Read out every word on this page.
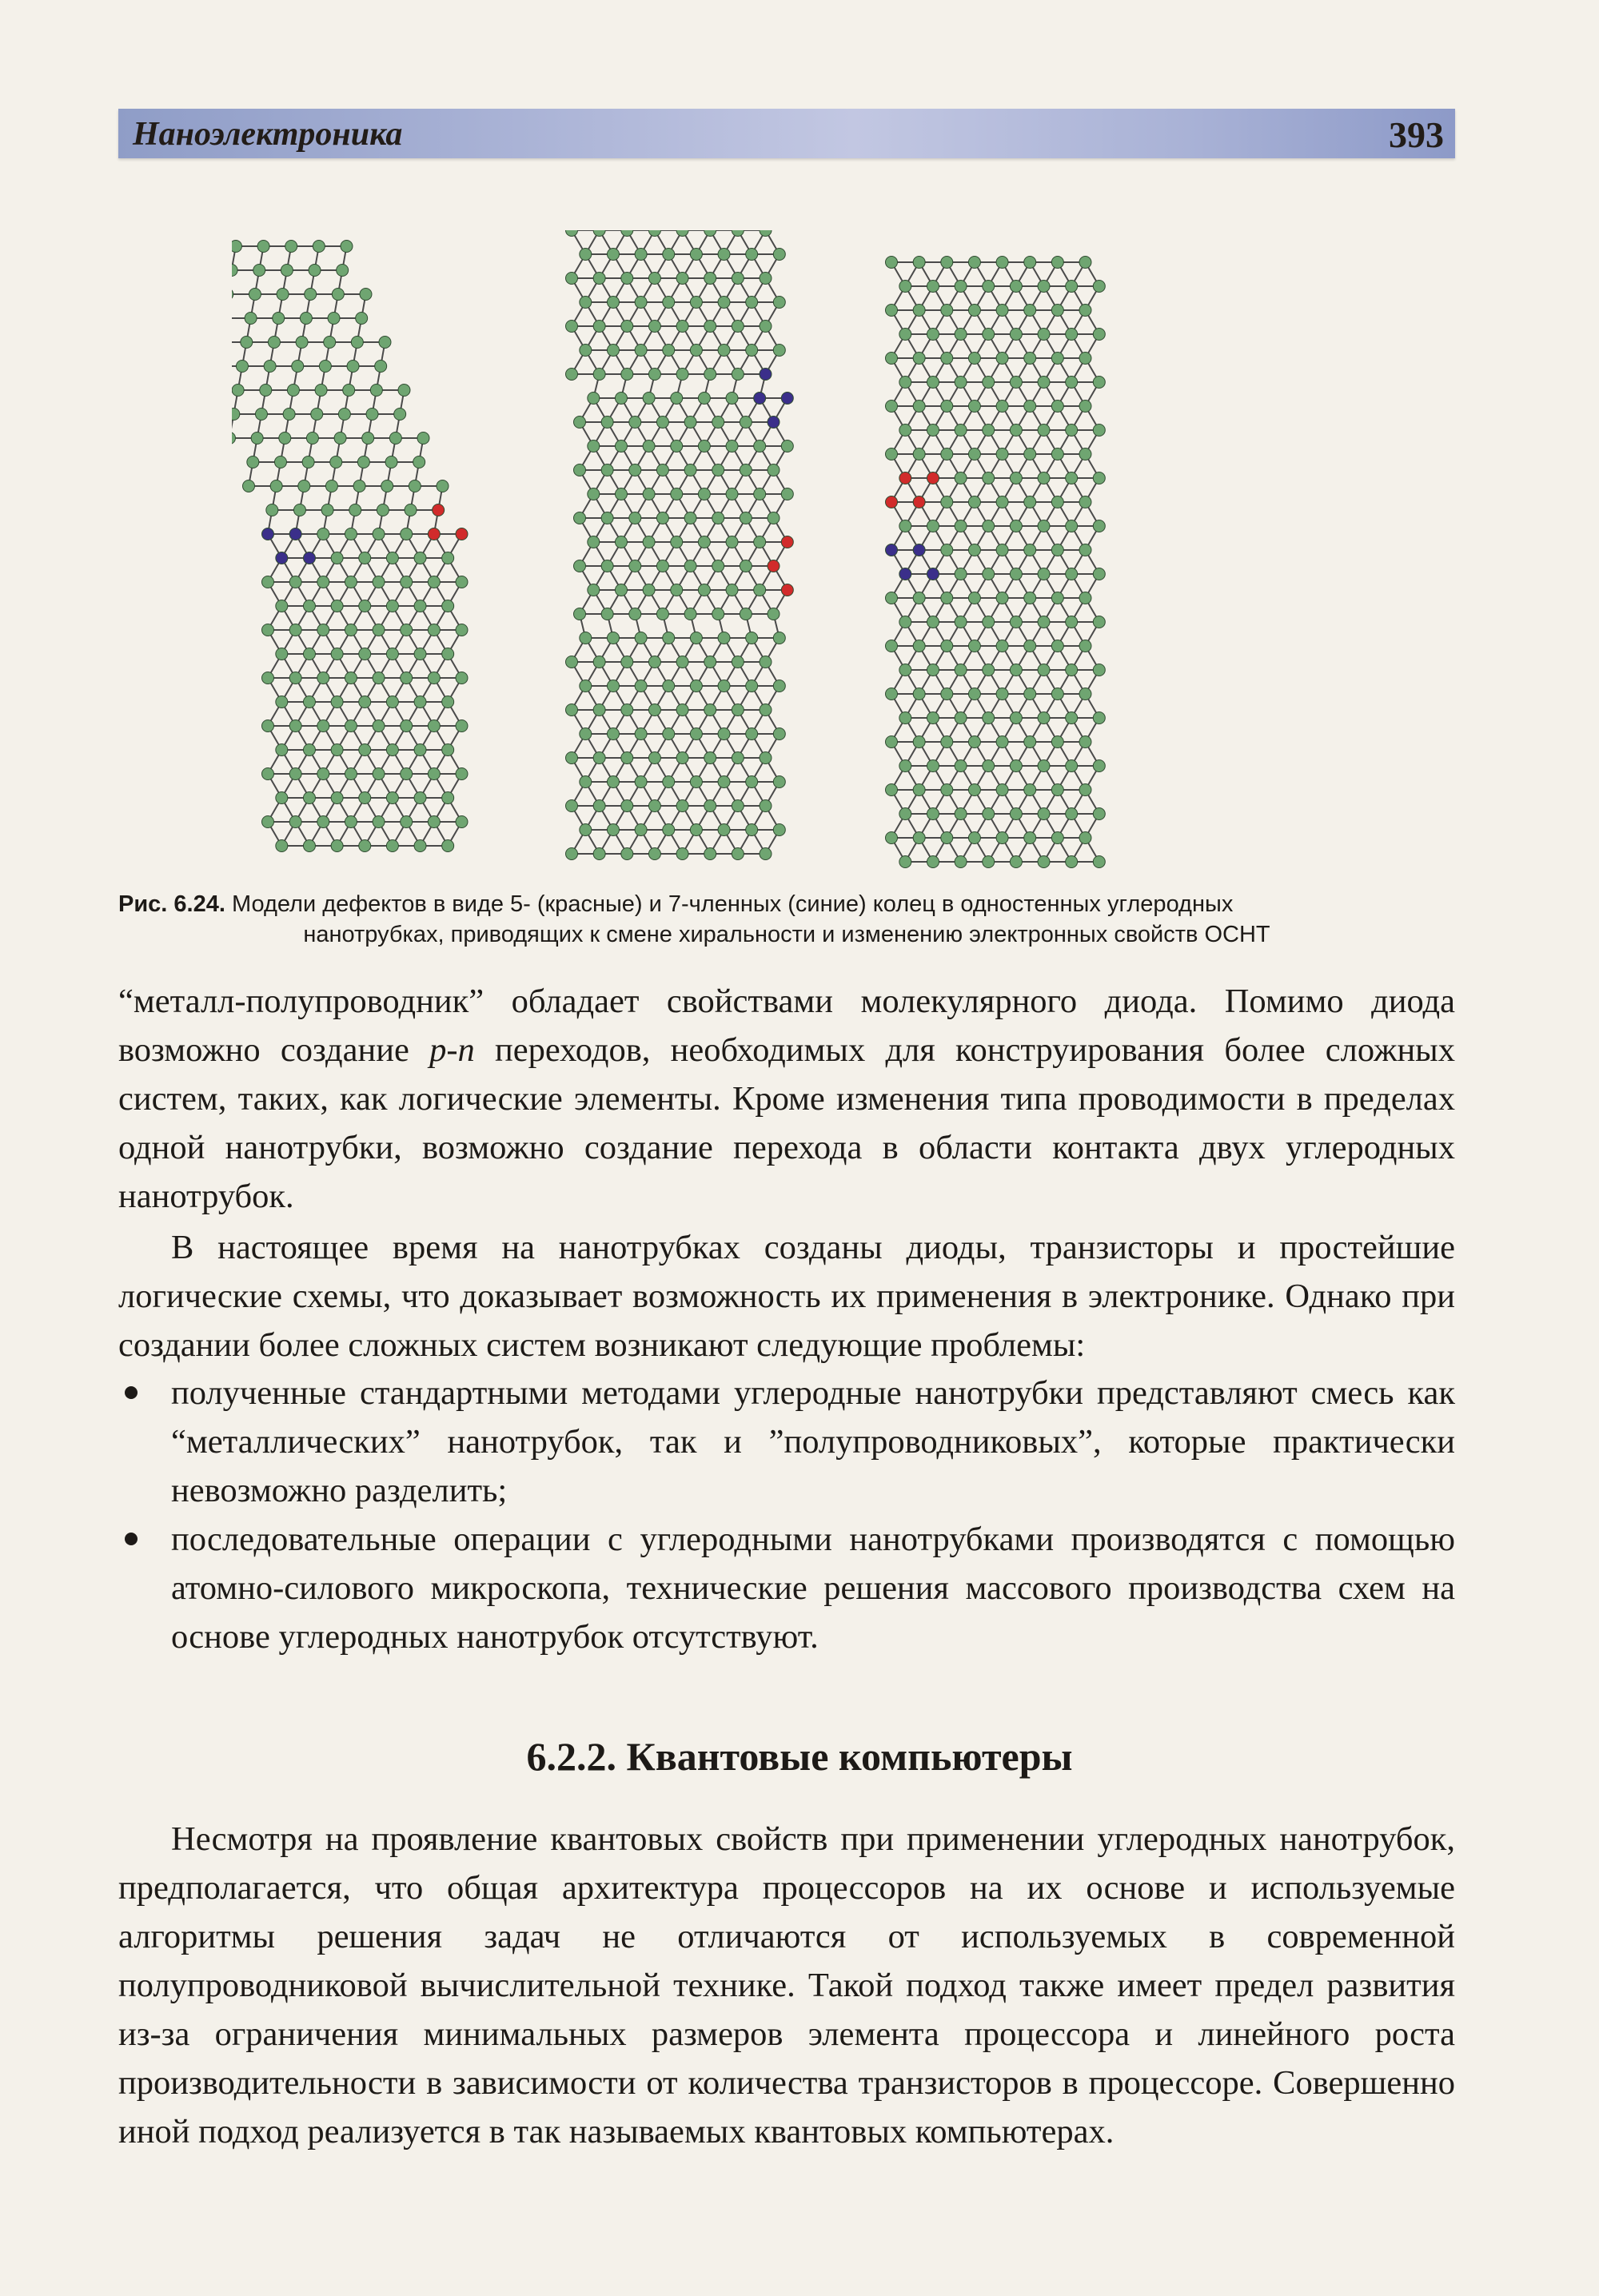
Наноэлектроника	393
Рис. 6.24. Модели дефектов в виде 5- (красные) и 7-членных (синие) колец в одностенных углеродных
нанотрубках, приводящих к смене хиральности и изменению электронных свойств ОСНТ

“металл-полупроводник” обладает свойствами молекулярного диода. Помимо диода возможно создание p-n переходов, необходимых для конструирования более сложных систем, таких, как логические элементы. Кроме изменения типа проводимости в пределах одной нанотрубки, возможно создание перехода в области контакта двух углеродных нанотрубок.

В настоящее время на нанотрубках созданы диоды, транзисторы и простейшие логические схемы, что доказывает возможность их применения в электронике. Однако при создании более сложных систем возникают следующие проблемы:

полученные стандартными методами углеродные нанотрубки представляют смесь как “металлических” нанотрубок, так и ”полупроводниковых”, которые практически невозможно разделить;
последовательные операции с углеродными нанотрубками производятся с помощью атомно-силового микроскопа, технические решения массового производства схем на основе углеродных нанотрубок отсутствуют.
6.2.2. Квантовые компьютеры

Несмотря на проявление квантовых свойств при применении углеродных нанотрубок, предполагается, что общая архитектура процессоров на их основе и используемые алгоритмы решения задач не отличаются от используемых в современной полупроводниковой вычислительной технике. Такой подход также имеет предел развития из-за ограничения минимальных размеров элемента процессора и линейного роста производительности в зависимости от количества транзисторов в процессоре. Совершенно иной подход реализуется в так называемых квантовых компьютерах.
